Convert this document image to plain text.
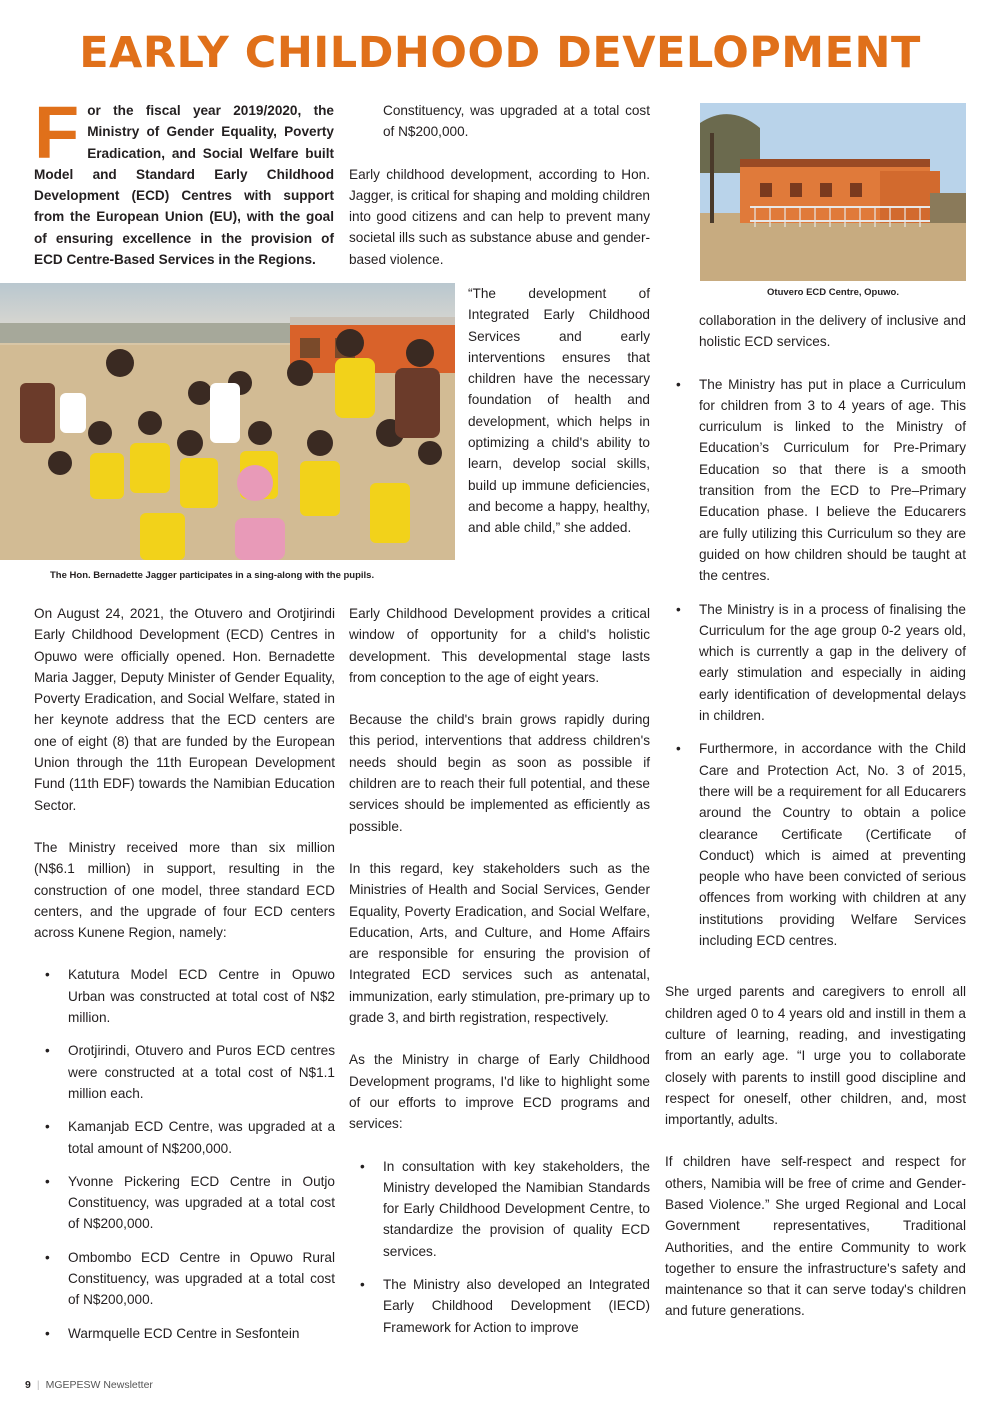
EARLY CHILDHOOD DEVELOPMENT
F or the fiscal year 2019/2020, the Ministry of Gender Equality, Poverty Eradication, and Social Welfare built Model and Standard Early Childhood Development (ECD) Centres with support from the European Union (EU), with the goal of ensuring excellence in the provision of ECD Centre-Based Services in the Regions.

Constituency, was upgraded at a total cost of N$200,000.

Early childhood development, according to Hon. Jagger, is critical for shaping and molding children into good citizens and can help to prevent many societal ills such as substance abuse and gender-based violence.

“The development of Integrated Early Childhood Services and early interventions ensures that children have the necessary foundation of health and development, which helps in optimizing a child's ability to learn, develop social skills, build up immune deficiencies, and become a happy, healthy, and able child,” she added.

The Hon. Bernadette Jagger participates in a sing-along with the pupils.
Otuvero ECD Centre, Opuwo.

On August 24, 2021, the Otuvero and Orotjirindi Early Childhood Development (ECD) Centres in Opuwo were officially opened. Hon. Bernadette Maria Jagger, Deputy Minister of Gender Equality, Poverty Eradication, and Social Welfare, stated in her keynote address that the ECD centers are one of eight (8) that are funded by the European Union through the 11th European Development Fund (11th EDF) towards the Namibian Education Sector.

The Ministry received more than six million (N$6.1 million) in support, resulting in the construction of one model, three standard ECD centers, and the upgrade of four ECD centers across Kunene Region, namely:

• Katutura Model ECD Centre in Opuwo Urban was constructed at total cost of N$2 million.
• Orotjirindi, Otuvero and Puros ECD centres were constructed at a total cost of N$1.1 million each.
• Kamanjab ECD Centre, was upgraded at a total amount of N$200,000.
• Yvonne Pickering ECD Centre in Outjo Constituency, was upgraded at a total cost of N$200,000.
• Ombombo ECD Centre in Opuwo Rural Constituency, was upgraded at a total cost of N$200,000.
• Warmquelle ECD Centre in Sesfontein

Early Childhood Development provides a critical window of opportunity for a child's holistic development. This developmental stage lasts from conception to the age of eight years.

Because the child's brain grows rapidly during this period, interventions that address children's needs should begin as soon as possible if children are to reach their full potential, and these services should be implemented as efficiently as possible.

In this regard, key stakeholders such as the Ministries of Health and Social Services, Gender Equality, Poverty Eradication, and Social Welfare, Education, Arts, and Culture, and Home Affairs are responsible for ensuring the provision of Integrated ECD services such as antenatal, immunization, early stimulation, pre-primary up to grade 3, and birth registration, respectively.

As the Ministry in charge of Early Childhood Development programs, I'd like to highlight some of our efforts to improve ECD programs and services:

• In consultation with key stakeholders, the Ministry developed the Namibian Standards for Early Childhood Development Centre, to standardize the provision of quality ECD services.
• The Ministry also developed an Integrated Early Childhood Development (IECD) Framework for Action to improve

collaboration in the delivery of inclusive and holistic ECD services.

• The Ministry has put in place a Curriculum for children from 3 to 4 years of age. This curriculum is linked to the Ministry of Education’s Curriculum for Pre-Primary Education so that there is a smooth transition from the ECD to Pre–Primary Education phase. I believe the Educarers are fully utilizing this Curriculum so they are guided on how children should be taught at the centres.
• The Ministry is in a process of finalising the Curriculum for the age group 0-2 years old, which is currently a gap in the delivery of early stimulation and especially in aiding early identification of developmental delays in children.
• Furthermore, in accordance with the Child Care and Protection Act, No. 3 of 2015, there will be a requirement for all Educarers around the Country to obtain a police clearance Certificate (Certificate of Conduct) which is aimed at preventing people who have been convicted of serious offences from working with children at any institutions providing Welfare Services including ECD centres.

She urged parents and caregivers to enroll all children aged 0 to 4 years old and instill in them a culture of learning, reading, and investigating from an early age. “I urge you to collaborate closely with parents to instill good discipline and respect for oneself, other children, and, most importantly, adults.

If children have self-respect and respect for others, Namibia will be free of crime and Gender-Based Violence.” She urged Regional and Local Government representatives, Traditional Authorities, and the entire Community to work together to ensure the infrastructure's safety and maintenance so that it can serve today's children and future generations.

9 | MGEPESW Newsletter
